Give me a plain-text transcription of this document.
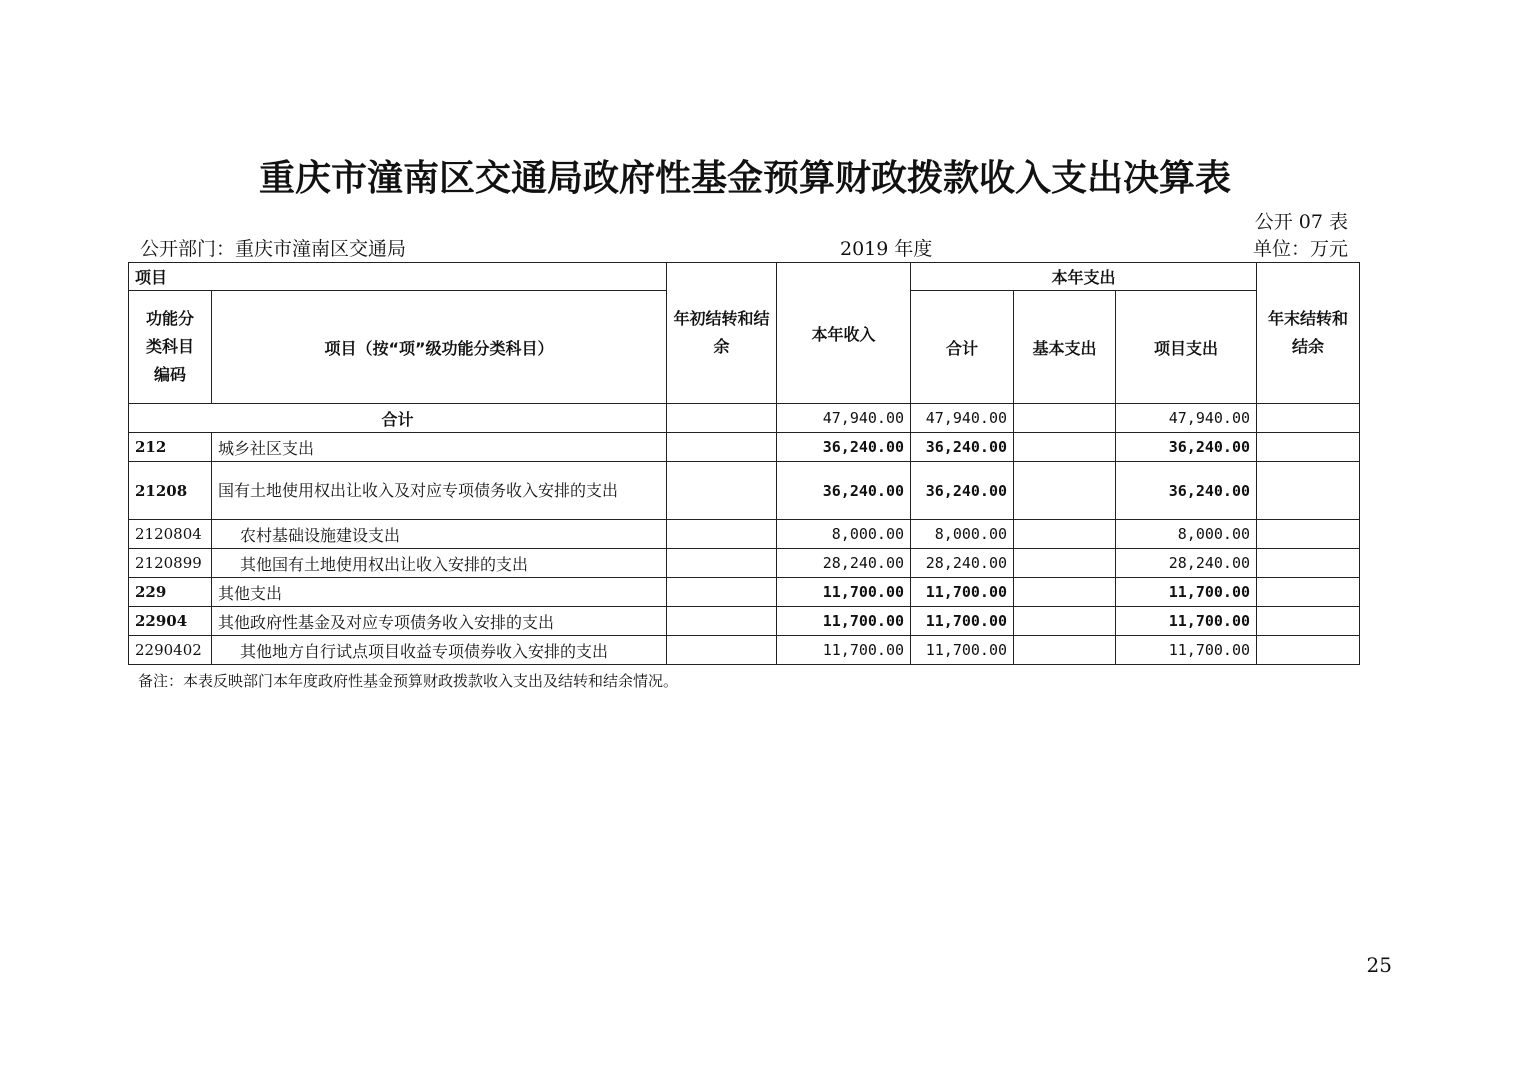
重庆市潼南区交通局政府性基金预算财政拨款收入支出决算表
公开 07 表
公开部门：重庆市潼南区交通局	2019 年度	单位：万元
项目		年初结转和结余	本年收入	本年支出			年末结转和结余
功能分类科目编码	项目（按“项”级功能分类科目）			合计	基本支出	项目支出	
合计			47,940.00	47,940.00		47,940.00	
212	城乡社区支出		36,240.00	36,240.00		36,240.00	
21208	国有土地使用权出让收入及对应专项债务收入安排的支出		36,240.00	36,240.00		36,240.00	
2120804	农村基础设施建设支出		8,000.00	8,000.00		8,000.00	
2120899	其他国有土地使用权出让收入安排的支出		28,240.00	28,240.00		28,240.00	
229	其他支出		11,700.00	11,700.00		11,700.00	
22904	其他政府性基金及对应专项债务收入安排的支出		11,700.00	11,700.00		11,700.00	
2290402	其他地方自行试点项目收益专项债券收入安排的支出		11,700.00	11,700.00		11,700.00	
备注：本表反映部门本年度政府性基金预算财政拨款收入支出及结转和结余情况。
25
